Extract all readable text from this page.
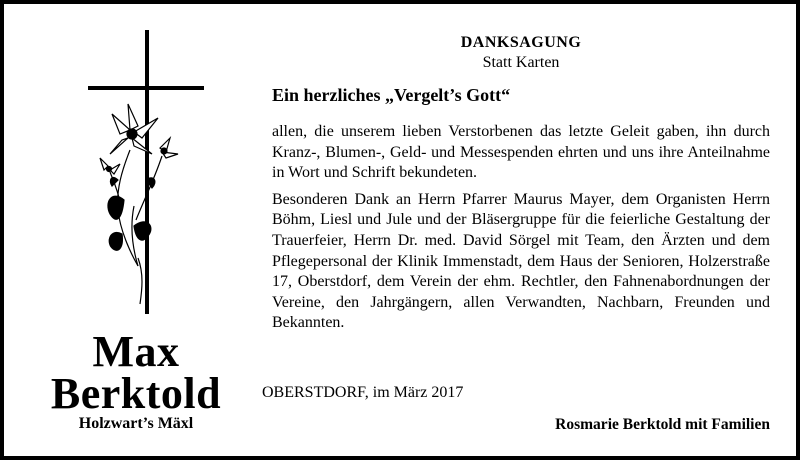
Max
Berktold
Holzwart’s Mäxl
DANKSAGUNG
Statt Karten
Ein herzliches „Vergelt’s Gott“

allen, die unserem lieben Verstorbenen das letzte Geleit gaben, ihn durch Kranz-, Blumen-, Geld- und Messespenden ehrten und uns ihre Anteilnahme in Wort und Schrift bekundeten.

Besonderen Dank an Herrn Pfarrer Maurus Mayer, dem Organisten Herrn Böhm, Liesl und Jule und der Bläsergruppe für die feierliche Gestaltung der Trauerfeier, Herrn Dr. med. David Sörgel mit Team, den Ärzten und dem Pflegepersonal der Klinik Immenstadt, dem Haus der Senioren, Holzerstraße 17, Oberstdorf, dem Verein der ehm. Rechtler, den Fahnenabordnungen der Vereine, den Jahrgängern, allen Verwandten, Nachbarn, Freunden und Bekannten.

OBERSTDORF, im März 2017
Rosmarie Berktold mit Familien
